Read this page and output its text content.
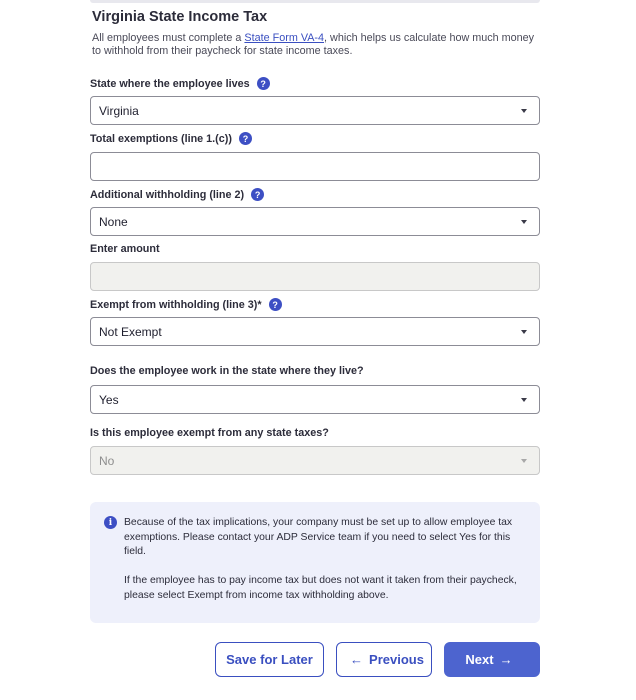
Virginia State Income Tax
All employees must complete a State Form VA-4, which helps us calculate how much money to withhold from their paycheck for state income taxes.
State where the employee lives	?
Virginia
Total exemptions (line 1.(c))	?
Additional withholding (line 2)	?
None
Enter amount
Exempt from withholding (line 3)*	?
Not Exempt
Does the employee work in the state where they live?
Yes
Is this employee exempt from any state taxes?
No
i	Because of the tax implications, your company must be set up to allow employee tax exemptions. Please contact your ADP Service team if you need to select Yes for this field.

If the employee has to pay income tax but does not want it taken from their paycheck, please select Exempt from income tax withholding above.

Save for Later	← Previous	Next →
